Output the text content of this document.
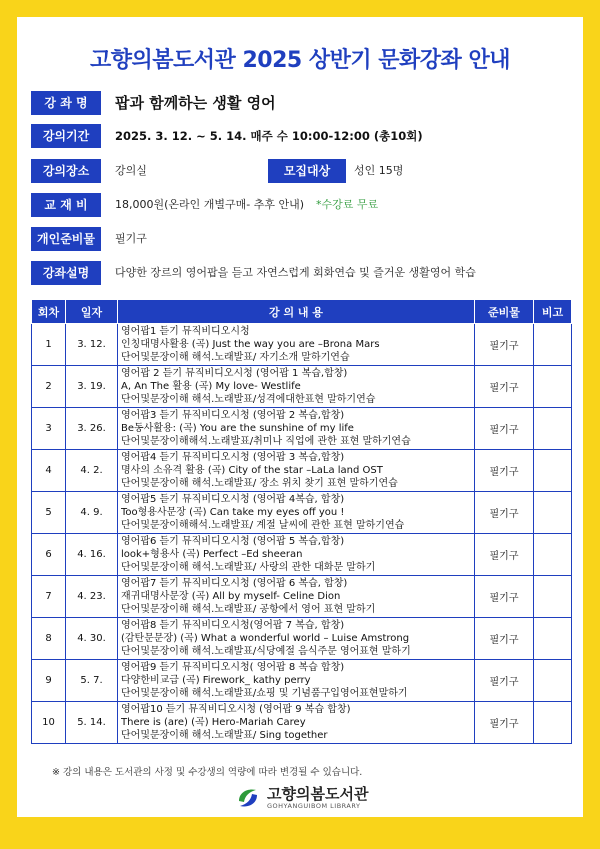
고향의봄도서관 2025 상반기 문화강좌 안내
강 좌 명	팝과 함께하는 생활 영어
강의기간	2025. 3. 12. ~ 5. 14. 매주 수 10:00-12:00 (총10회)
강의장소	강의실	모집대상	성인 15명
교 재 비	18,000원(온라인 개별구매- 추후 안내) *수강료 무료
개인준비물	필기구
강좌설명	다양한 장르의 영어팝을 듣고 자연스럽게 회화연습 및 즐거운 생활영어 학습
회차	일자	강 의 내 용	준비물	비고
1	3. 12.	영어팝1 듣기 뮤직비디오시청
인칭대명사활용 (곡) Just the way you are –Brona Mars
단어및문장이해 해석.노래발표/ 자기소개 말하기연습	필기구	
2	3. 19.	영어팝 2 듣기 뮤직비디오시청 (영어팝 1 복습,합창)
A, An The 활용 (곡) My love- Westlife
단어및문장이해 해석.노래발표/성격에대한표현 말하기연습	필기구	
3	3. 26.	영어팝3 듣기 뮤직비디오시청 (영어팝 2 복습,합창)
Be동사활용: (곡) You are the sunshine of my life
단어및문장이해해석.노래발표/취미나 직업에 관한 표현 말하기연습	필기구	
4	4. 2.	영어팝4 듣기 뮤직비디오시청 (영어팝 3 복습,합창)
명사의 소유격 활용 (곡) City of the star –LaLa land OST
단어및문장이해 해석.노래발표/ 장소 위치 찾기 표현 말하기연습	필기구	
5	4. 9.	영어팝5 듣기 뮤직비디오시청 (영어팝 4복습, 합창)
Too형용사문장 (곡) Can take my eyes off you !
단어및문장이해해석.노래발표/ 계절 날씨에 관한 표현 말하기연습	필기구	
6	4. 16.	영어팝6 듣기 뮤직비디오시청 (영어팝 5 복습,합창)
look+형용사 (곡) Perfect –Ed sheeran
단어및문장이해 해석.노래발표/ 사랑의 관한 대화문 말하기	필기구	
7	4. 23.	영어팝7 듣기 뮤직비디오시청 (영어팝 6 복습, 합창)
재귀대명사문장 (곡) All by myself- Celine Dion
단어및문장이해 해석.노래발표/ 공항에서 영어 표현 말하기	필기구	
8	4. 30.	영어팝8 듣기 뮤직비디오시청(영어팝 7 복습, 합창)
(감탄문문장) (곡) What a wonderful world – Luise Amstrong
단어및문장이해 해석.노래발표/식당예절 음식주문 영어표현 말하기	필기구	
9	5. 7.	영어팝9 듣기 뮤직비디오시청( 영어팝 8 복습 합창)
다양한비교급 (곡) Firework_ kathy perry
단어및문장이해 해석.노래발표/쇼핑 및 기념품구입영어표현말하기	필기구	
10	5. 14.	영어팝10 듣기 뮤직비디오시청 (영어팝 9 복습 합창)
There is (are) (곡) Hero-Mariah Carey
단어및문장이해 해석.노래발표/ Sing together	필기구	
※ 강의 내용은 도서관의 사정 및 수강생의 역량에 따라 변경될 수 있습니다.
고향의봄도서관
GOHYANGUIBOM LIBRARY
